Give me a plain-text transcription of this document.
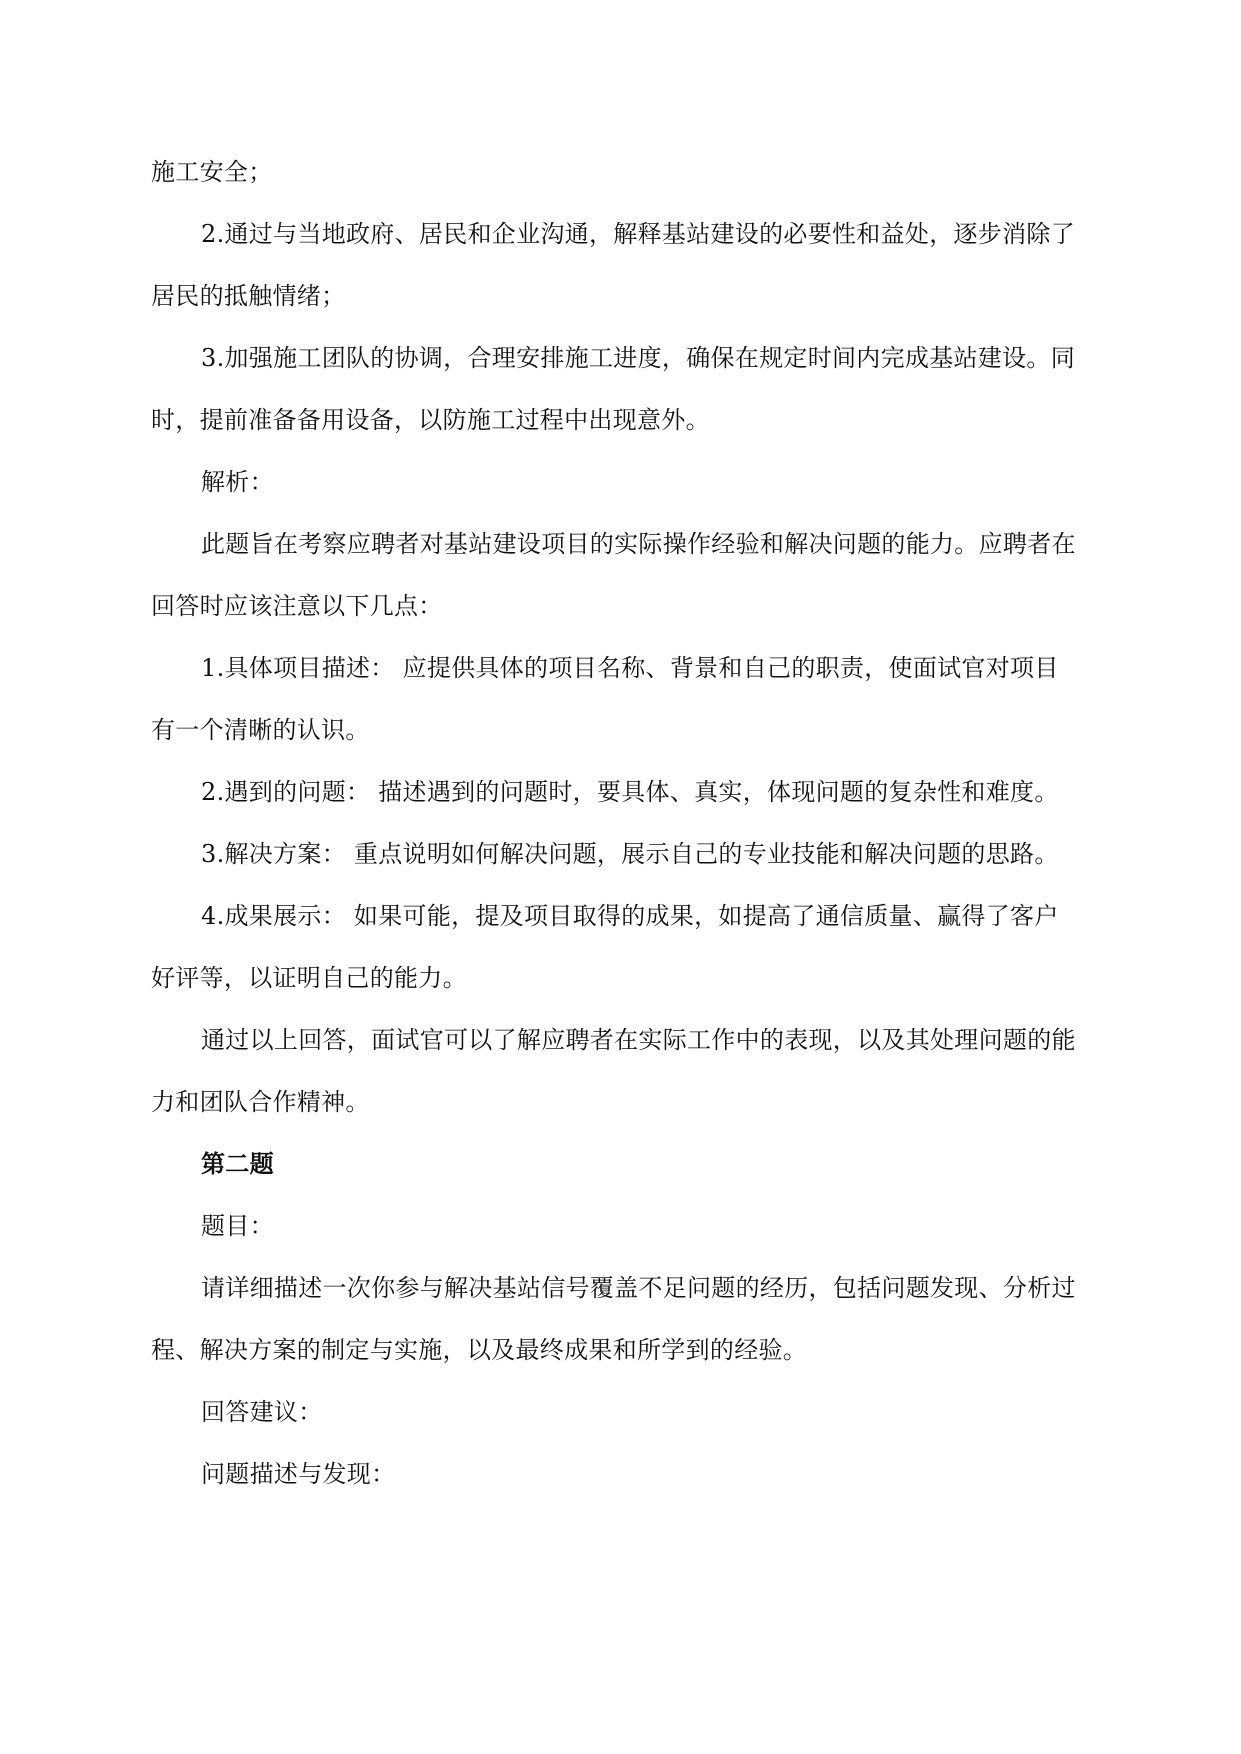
施工安全；

2.通过与当地政府、居民和企业沟通，解释基站建设的必要性和益处，逐步消除了
居民的抵触情绪；

3.加强施工团队的协调，合理安排施工进度，确保在规定时间内完成基站建设。同
时，提前准备备用设备，以防施工过程中出现意外。

解析：

此题旨在考察应聘者对基站建设项目的实际操作经验和解决问题的能力。应聘者在
回答时应该注意以下几点：

1.具体项目描述： 应提供具体的项目名称、背景和自己的职责，使面试官对项目
有一个清晰的认识。

2.遇到的问题： 描述遇到的问题时，要具体、真实，体现问题的复杂性和难度。

3.解决方案： 重点说明如何解决问题，展示自己的专业技能和解决问题的思路。

4.成果展示： 如果可能，提及项目取得的成果，如提高了通信质量、赢得了客户
好评等，以证明自己的能力。

通过以上回答，面试官可以了解应聘者在实际工作中的表现，以及其处理问题的能
力和团队合作精神。

第二题

题目：

请详细描述一次你参与解决基站信号覆盖不足问题的经历，包括问题发现、分析过
程、解决方案的制定与实施，以及最终成果和所学到的经验。

回答建议：

问题描述与发现：
